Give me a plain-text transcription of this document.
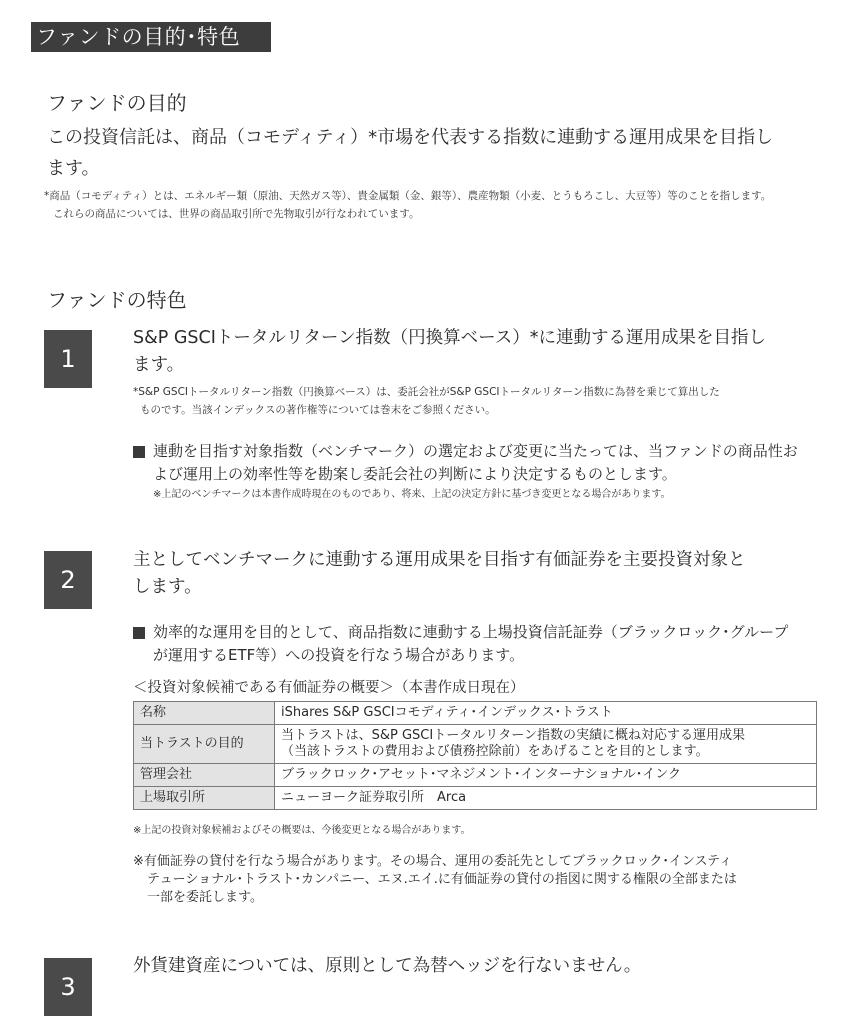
ファンドの目的･特色
ファンドの目的
この投資信託は、商品（コモディティ）*市場を代表する指数に連動する運用成果を目指し
ます。
*商品（コモディティ）とは、エネルギー類（原油、天然ガス等）、貴金属類（金、銀等）、農産物類（小麦、とうもろこし、大豆等）等のことを指します。
これらの商品については、世界の商品取引所で先物取引が行なわれています。
ファンドの特色
1
S&P GSCIトータルリターン指数（円換算ベース）*に連動する運用成果を目指し
ます。
*S&P GSCIトータルリターン指数（円換算ベース）は、委託会社がS&P GSCIトータルリターン指数に為替を乗じて算出した
ものです。当該インデックスの著作権等については巻末をご参照ください。
連動を目指す対象指数（ベンチマーク）の選定および変更に当たっては、当ファンドの商品性お
よび運用上の効率性等を勘案し委託会社の判断により決定するものとします。
※上記のベンチマークは本書作成時現在のものであり、将来、上記の決定方針に基づき変更となる場合があります。
2
主としてベンチマークに連動する運用成果を目指す有価証券を主要投資対象と
します。
効率的な運用を目的として、商品指数に連動する上場投資信託証券（ブラックロック･グループ
が運用するETF等）への投資を行なう場合があります。
＜投資対象候補である有価証券の概要＞（本書作成日現在）
名称	iShares S&P GSCIコモディティ･インデックス･トラスト
当トラストの目的	当トラストは、S&P GSCIトータルリターン指数の実績に概ね対応する運用成果
（当該トラストの費用および債務控除前）をあげることを目的とします。

管理会社	ブラックロック･アセット･マネジメント･インターナショナル･インク
上場取引所	ニューヨーク証券取引所　Arca
※上記の投資対象候補およびその概要は、今後変更となる場合があります。
※有価証券の貸付を行なう場合があります。その場合、運用の委託先としてブラックロック･インスティ
テューショナル･トラスト･カンパニー、エヌ.エイ.に有価証券の貸付の指図に関する権限の全部または
一部を委託します。
3
外貨建資産については、原則として為替ヘッジを行ないません。
